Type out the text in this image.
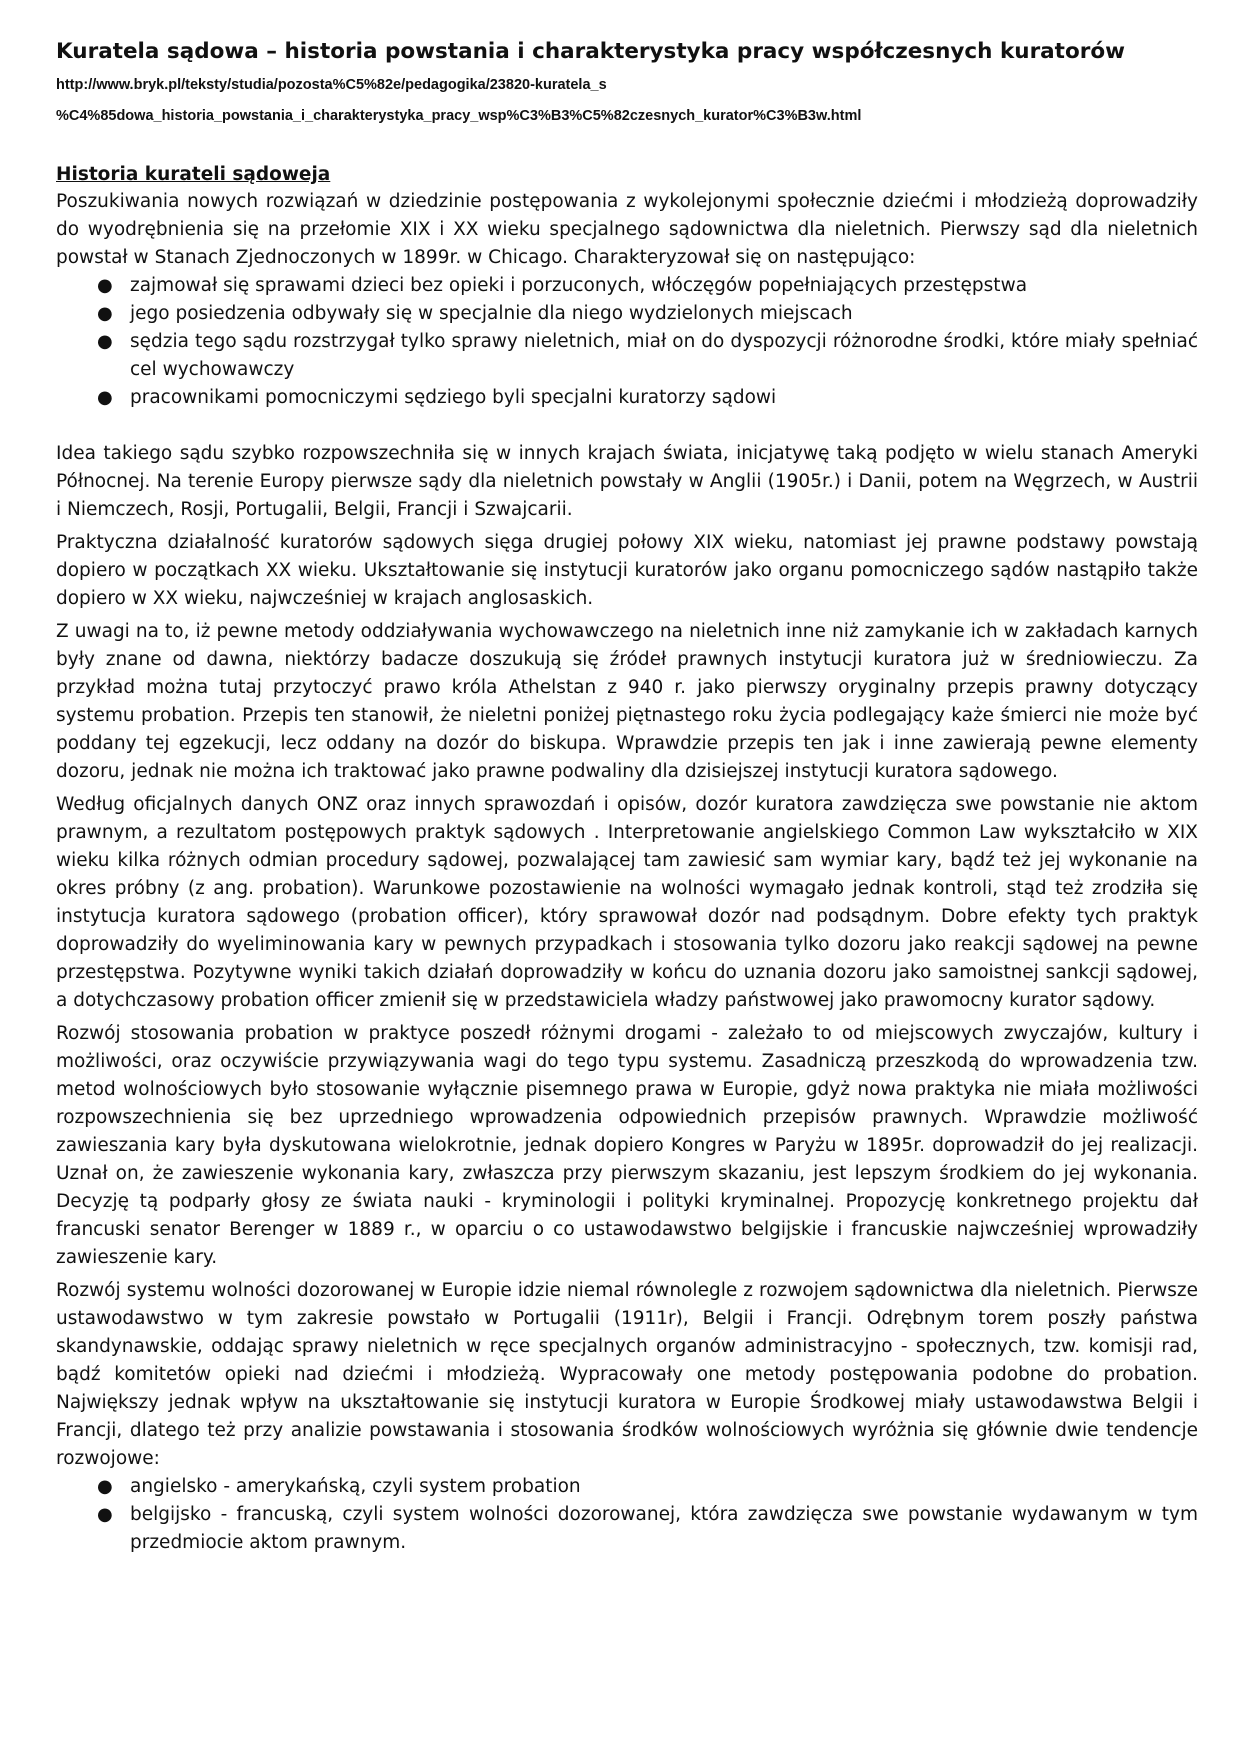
Kuratela sądowa – historia powstania i charakterystyka pracy współczesnych kuratorów
http://www.bryk.pl/teksty/studia/pozosta%C5%82e/pedagogika/23820-kuratela_s
%C4%85dowa_historia_powstania_i_charakterystyka_pracy_wsp%C3%B3%C5%82czesnych_kurator%C3%B3w.html
Historia kurateli sądoweja
Poszukiwania nowych rozwiązań w dziedzinie postępowania z wykolejonymi społecznie dziećmi i młodzieżą doprowadziły do wyodrębnienia się na przełomie XIX i XX wieku specjalnego sądownictwa dla nieletnich. Pierwszy sąd dla nieletnich powstał w Stanach Zjednoczonych w 1899r. w Chicago. Charakteryzował się on następująco:
● zajmował się sprawami dzieci bez opieki i porzuconych, włóczęgów popełniających przestępstwa
● jego posiedzenia odbywały się w specjalnie dla niego wydzielonych miejscach
● sędzia tego sądu rozstrzygał tylko sprawy nieletnich, miał on do dyspozycji różnorodne środki, które miały spełniać cel wychowawczy
● pracownikami pomocniczymi sędziego byli specjalni kuratorzy sądowi
Idea takiego sądu szybko rozpowszechniła się w innych krajach świata, inicjatywę taką podjęto w wielu stanach Ameryki Północnej. Na terenie Europy pierwsze sądy dla nieletnich powstały w Anglii (1905r.) i Danii, potem na Węgrzech, w Austrii i Niemczech, Rosji, Portugalii, Belgii, Francji i Szwajcarii.
Praktyczna działalność kuratorów sądowych sięga drugiej połowy XIX wieku, natomiast jej prawne podstawy powstają dopiero w początkach XX wieku. Ukształtowanie się instytucji kuratorów jako organu pomocniczego sądów nastąpiło także dopiero w XX wieku, najwcześniej w krajach anglosaskich.
Z uwagi na to, iż pewne metody oddziaływania wychowawczego na nieletnich inne niż zamykanie ich w zakładach karnych były znane od dawna, niektórzy badacze doszukują się źródeł prawnych instytucji kuratora już w średniowieczu. Za przykład można tutaj przytoczyć prawo króla Athelstan z 940 r. jako pierwszy oryginalny przepis prawny dotyczący systemu probation. Przepis ten stanowił, że nieletni poniżej piętnastego roku życia podlegający każe śmierci nie może być poddany tej egzekucji, lecz oddany na dozór do biskupa. Wprawdzie przepis ten jak i inne zawierają pewne elementy dozoru, jednak nie można ich traktować jako prawne podwaliny dla dzisiejszej instytucji kuratora sądowego.
Według oficjalnych danych ONZ oraz innych sprawozdań i opisów, dozór kuratora zawdzięcza swe powstanie nie aktom prawnym, a rezultatom postępowych praktyk sądowych . Interpretowanie angielskiego Common Law wykształciło w XIX wieku kilka różnych odmian procedury sądowej, pozwalającej tam zawiesić sam wymiar kary, bądź też jej wykonanie na okres próbny (z ang. probation). Warunkowe pozostawienie na wolności wymagało jednak kontroli, stąd też zrodziła się instytucja kuratora sądowego (probation officer), który sprawował dozór nad podsądnym. Dobre efekty tych praktyk doprowadziły do wyeliminowania kary w pewnych przypadkach i stosowania tylko dozoru jako reakcji sądowej na pewne przestępstwa. Pozytywne wyniki takich działań doprowadziły w końcu do uznania dozoru jako samoistnej sankcji sądowej, a dotychczasowy probation officer zmienił się w przedstawiciela władzy państwowej jako prawomocny kurator sądowy.
Rozwój stosowania probation w praktyce poszedł różnymi drogami - zależało to od miejscowych zwyczajów, kultury i możliwości, oraz oczywiście przywiązywania wagi do tego typu systemu. Zasadniczą przeszkodą do wprowadzenia tzw. metod wolnościowych było stosowanie wyłącznie pisemnego prawa w Europie, gdyż nowa praktyka nie miała możliwości rozpowszechnienia się bez uprzedniego wprowadzenia odpowiednich przepisów prawnych. Wprawdzie możliwość zawieszania kary była dyskutowana wielokrotnie, jednak dopiero Kongres w Paryżu w 1895r. doprowadził do jej realizacji. Uznał on, że zawieszenie wykonania kary, zwłaszcza przy pierwszym skazaniu, jest lepszym środkiem do jej wykonania. Decyzję tą podparły głosy ze świata nauki - kryminologii i polityki kryminalnej. Propozycję konkretnego projektu dał francuski senator Berenger w 1889 r., w oparciu o co ustawodawstwo belgijskie i francuskie najwcześniej wprowadziły zawieszenie kary.
Rozwój systemu wolności dozorowanej w Europie idzie niemal równolegle z rozwojem sądownictwa dla nieletnich. Pierwsze ustawodawstwo w tym zakresie powstało w Portugalii (1911r), Belgii i Francji. Odrębnym torem poszły państwa skandynawskie, oddając sprawy nieletnich w ręce specjalnych organów administracyjno - społecznych, tzw. komisji rad, bądź komitetów opieki nad dziećmi i młodzieżą. Wypracowały one metody postępowania podobne do probation. Największy jednak wpływ na ukształtowanie się instytucji kuratora w Europie Środkowej miały ustawodawstwa Belgii i Francji, dlatego też przy analizie powstawania i stosowania środków wolnościowych wyróżnia się głównie dwie tendencje rozwojowe:
● angielsko - amerykańską, czyli system probation
● belgijsko - francuską, czyli system wolności dozorowanej, która zawdzięcza swe powstanie wydawanym w tym przedmiocie aktom prawnym.
